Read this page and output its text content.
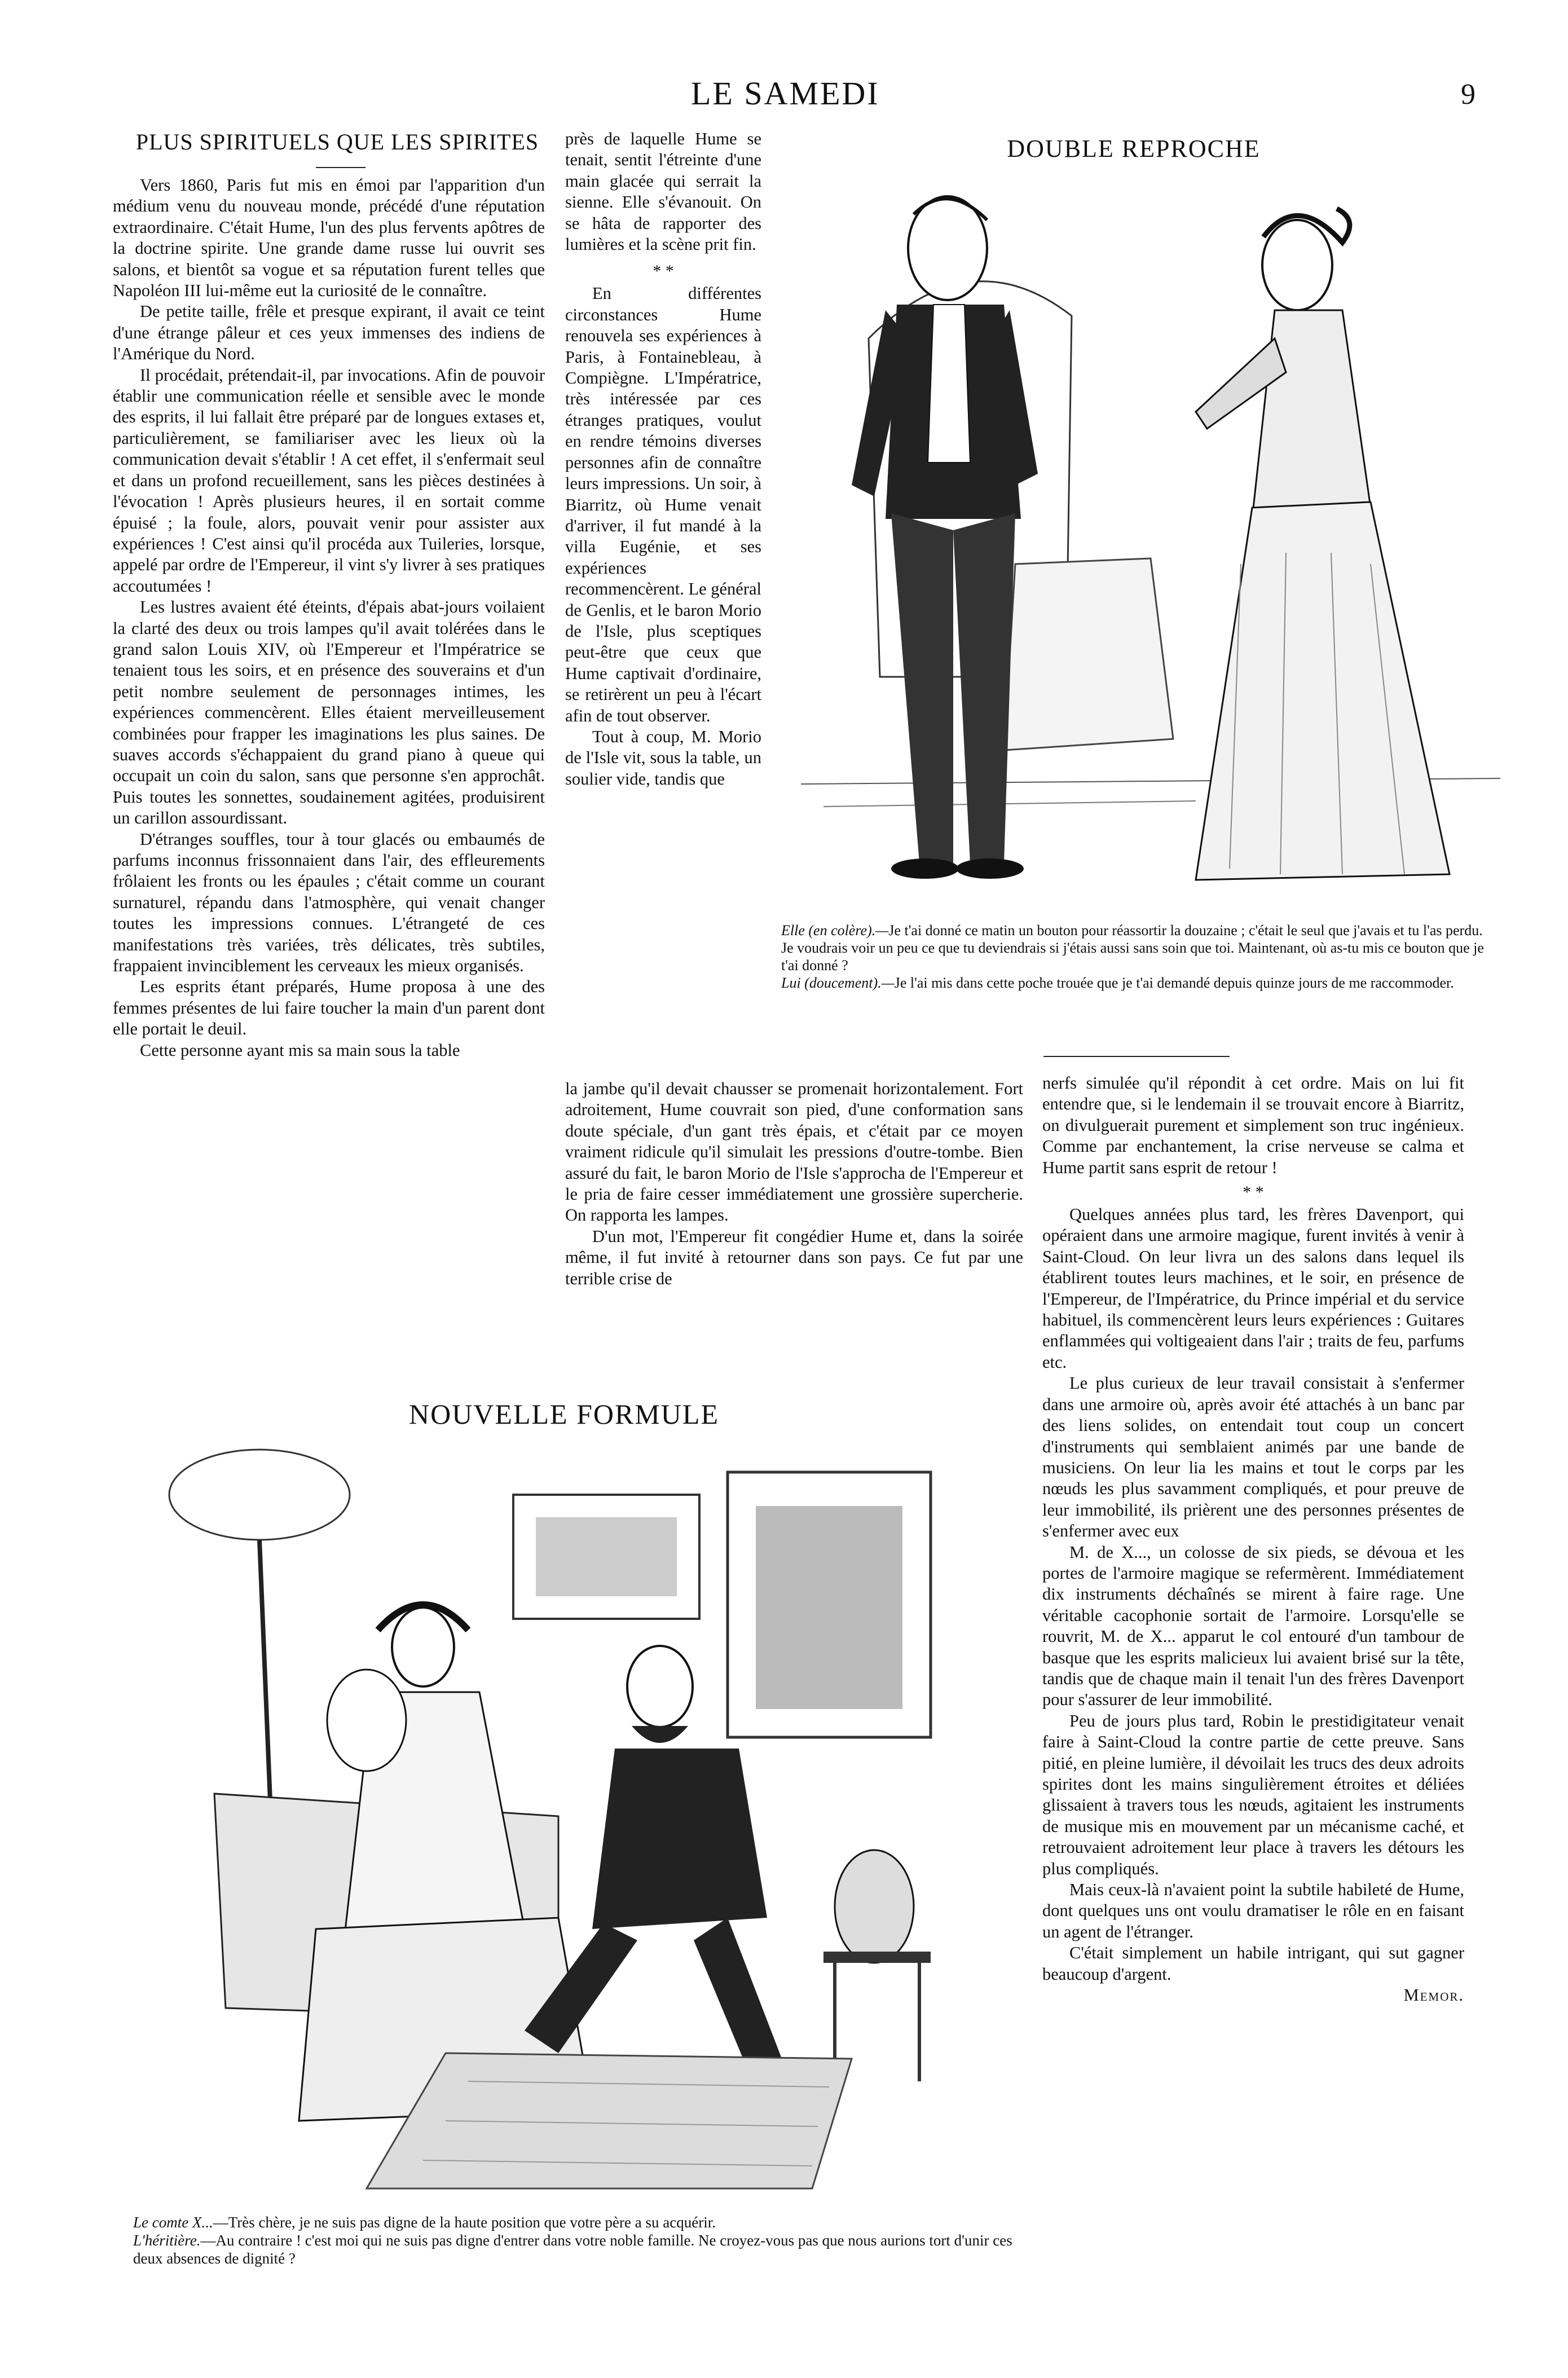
LE SAMEDI	9
PLUS SPIRITUELS QUE LES SPIRITES

Vers 1860, Paris fut mis en émoi par l'apparition d'un médium venu du nouveau monde, précédé d'une réputation extraordinaire. C'était Hume, l'un des plus fervents apôtres de la doctrine spirite. Une grande dame russe lui ouvrit ses salons, et bientôt sa vogue et sa réputation furent telles que Napoléon III lui-même eut la curiosité de le connaître.

De petite taille, frêle et presque expirant, il avait ce teint d'une étrange pâleur et ces yeux immenses des indiens de l'Amérique du Nord.

Il procédait, prétendait-il, par invocations. Afin de pouvoir établir une communication réelle et sensible avec le monde des esprits, il lui fallait être préparé par de longues extases et, particulièrement, se familiariser avec les lieux où la communication devait s'établir ! A cet effet, il s'enfermait seul et dans un profond recueillement, sans les pièces destinées à l'évocation ! Après plusieurs heures, il en sortait comme épuisé ; la foule, alors, pouvait venir pour assister aux expériences ! C'est ainsi qu'il procéda aux Tuileries, lorsque, appelé par ordre de l'Empereur, il vint s'y livrer à ses pratiques accoutumées !

Les lustres avaient été éteints, d'épais abat-jours voilaient la clarté des deux ou trois lampes qu'il avait tolérées dans le grand salon Louis XIV, où l'Empereur et l'Impératrice se tenaient tous les soirs, et en présence des souverains et d'un petit nombre seulement de personnages intimes, les expériences commencèrent. Elles étaient merveilleusement combinées pour frapper les imaginations les plus saines. De suaves accords s'échappaient du grand piano à queue qui occupait un coin du salon, sans que personne s'en approchât. Puis toutes les sonnettes, soudainement agitées, produisirent un carillon assourdissant.

D'étranges souffles, tour à tour glacés ou embaumés de parfums inconnus frissonnaient dans l'air, des effleurements frôlaient les fronts ou les épaules ; c'était comme un courant surnaturel, répandu dans l'atmosphère, qui venait changer toutes les impressions connues. L'étrangeté de ces manifestations très variées, très délicates, très subtiles, frappaient invinciblement les cerveaux les mieux organisés.

Les esprits étant préparés, Hume proposa à une des femmes présentes de lui faire toucher la main d'un parent dont elle portait le deuil.

Cette personne ayant mis sa main sous la table

près de laquelle Hume se tenait, sentit l'étreinte d'une main glacée qui serrait la sienne. Elle s'évanouit. On se hâta de rapporter des lumières et la scène prit fin.

* *

En différentes circonstances Hume renouvela ses expériences à Paris, à Fontainebleau, à Compiègne. L'Impératrice, très intéressée par ces étranges pratiques, voulut en rendre témoins diverses personnes afin de connaître leurs impressions. Un soir, à Biarritz, où Hume venait d'arriver, il fut mandé à la villa Eugénie, et ses expériences recommencèrent. Le général de Genlis, et le baron Morio de l'Isle, plus sceptiques peut-être que ceux que Hume captivait d'ordinaire, se retirèrent un peu à l'écart afin de tout observer.

Tout à coup, M. Morio de l'Isle vit, sous la table, un soulier vide, tandis que

la jambe qu'il devait chausser se promenait horizontalement. Fort adroitement, Hume couvrait son pied, d'une conformation sans doute spéciale, d'un gant très épais, et c'était par ce moyen vraiment ridicule qu'il simulait les pressions d'outre-tombe. Bien assuré du fait, le baron Morio de l'Isle s'approcha de l'Empereur et le pria de faire cesser immédiatement une grossière supercherie. On rapporta les lampes.

D'un mot, l'Empereur fit congédier Hume et, dans la soirée même, il fut invité à retourner dans son pays. Ce fut par une terrible crise de

DOUBLE REPROCHE

Elle (en colère).—Je t'ai donné ce matin un bouton pour réassortir la douzaine ; c'était le seul que j'avais et tu l'as perdu. Je voudrais voir un peu ce que tu deviendrais si j'étais aussi sans soin que toi. Maintenant, où as-tu mis ce bouton que je t'ai donné ?

Lui (doucement).—Je l'ai mis dans cette poche trouée que je t'ai demandé depuis quinze jours de me raccommoder.

nerfs simulée qu'il répondit à cet ordre. Mais on lui fit entendre que, si le lendemain il se trouvait encore à Biarritz, on divulguerait purement et simplement son truc ingénieux. Comme par enchantement, la crise nerveuse se calma et Hume partit sans esprit de retour !

* *

Quelques années plus tard, les frères Davenport, qui opéraient dans une armoire magique, furent invités à venir à Saint-Cloud. On leur livra un des salons dans lequel ils établirent toutes leurs machines, et le soir, en présence de l'Empereur, de l'Impératrice, du Prince impérial et du service habituel, ils commencèrent leurs leurs expériences : Guitares enflammées qui voltigeaient dans l'air ; traits de feu, parfums etc.

Le plus curieux de leur travail consistait à s'enfermer dans une armoire où, après avoir été attachés à un banc par des liens solides, on entendait tout coup un concert d'instruments qui semblaient animés par une bande de musiciens. On leur lia les mains et tout le corps par les nœuds les plus savamment compliqués, et pour preuve de leur immobilité, ils prièrent une des personnes présentes de s'enfermer avec eux

M. de X..., un colosse de six pieds, se dévoua et les portes de l'armoire magique se refermèrent. Immédiatement dix instruments déchaînés se mirent à faire rage. Une véritable cacophonie sortait de l'armoire. Lorsqu'elle se rouvrit, M. de X... apparut le col entouré d'un tambour de basque que les esprits malicieux lui avaient brisé sur la tête, tandis que de chaque main il tenait l'un des frères Davenport pour s'assurer de leur immobilité.

Peu de jours plus tard, Robin le prestidigitateur venait faire à Saint-Cloud la contre partie de cette preuve. Sans pitié, en pleine lumière, il dévoilait les trucs des deux adroits spirites dont les mains singulièrement étroites et déliées glissaient à travers tous les nœuds, agitaient les instruments de musique mis en mouvement par un mécanisme caché, et retrouvaient adroitement leur place à travers les détours les plus compliqués.

Mais ceux-là n'avaient point la subtile habileté de Hume, dont quelques uns ont voulu dramatiser le rôle en en faisant un agent de l'étranger.

C'était simplement un habile intrigant, qui sut gagner beaucoup d'argent.

Memor.
NOUVELLE FORMULE

Le comte X...—Très chère, je ne suis pas digne de la haute position que votre père a su acquérir.

L'héritière.—Au contraire ! c'est moi qui ne suis pas digne d'entrer dans votre noble famille. Ne croyez-vous pas que nous aurions tort d'unir ces deux absences de dignité ?
